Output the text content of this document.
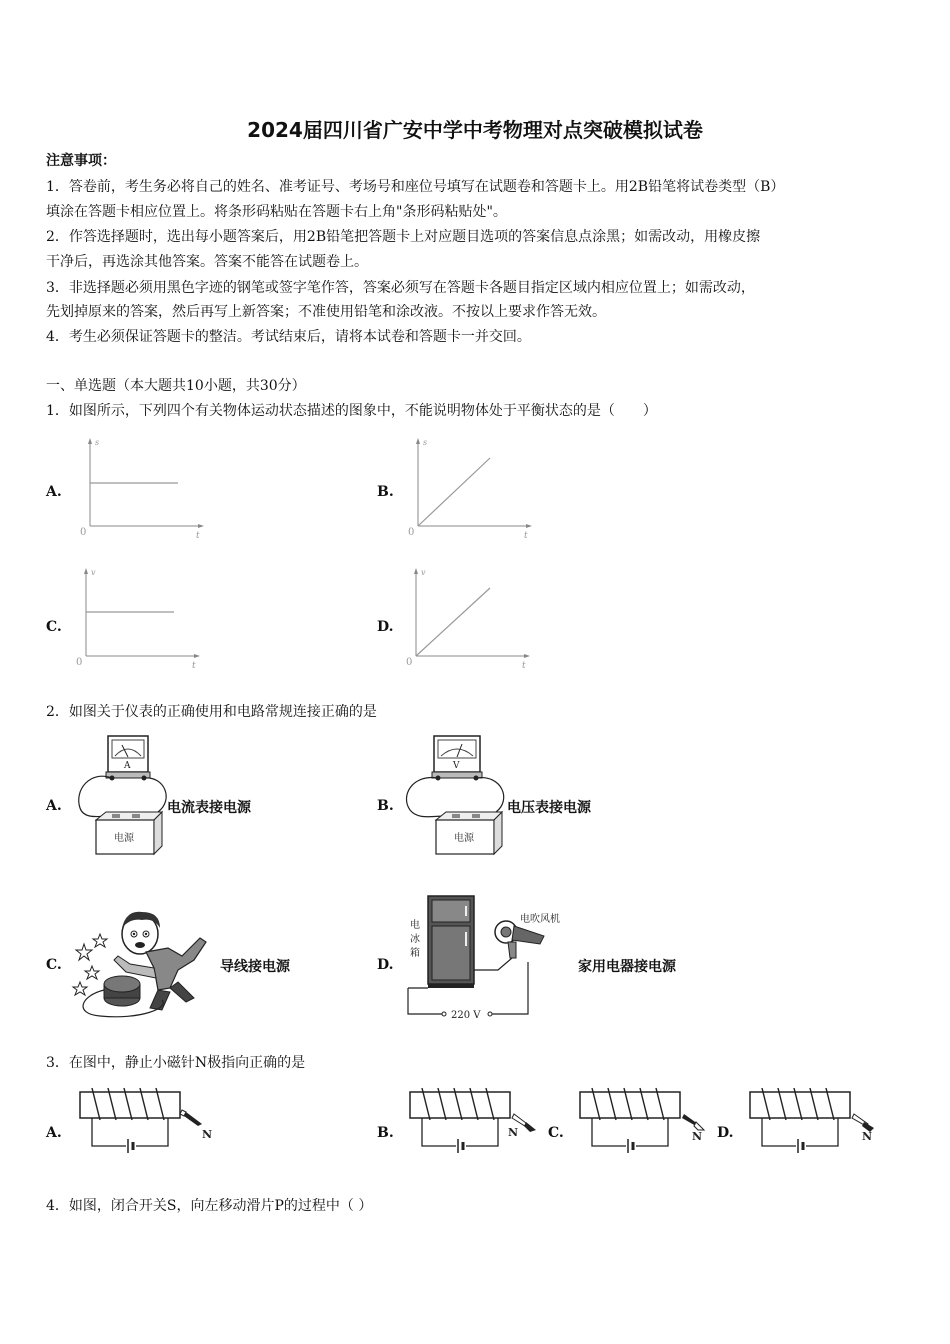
2024届四川省广安中学中考物理对点突破模拟试卷
注意事项：
1．答卷前，考生务必将自己的姓名、准考证号、考场号和座位号填写在试题卷和答题卡上。用2B铅笔将试卷类型（B）
填涂在答题卡相应位置上。将条形码粘贴在答题卡右上角"条形码粘贴处"。
2．作答选择题时，选出每小题答案后，用2B铅笔把答题卡上对应题目选项的答案信息点涂黑；如需改动，用橡皮擦
干净后，再选涂其他答案。答案不能答在试题卷上。
3．非选择题必须用黑色字迹的钢笔或签字笔作答，答案必须写在答题卡各题目指定区域内相应位置上；如需改动，
先划掉原来的答案，然后再写上新答案；不准使用铅笔和涂改液。不按以上要求作答无效。
4．考生必须保证答题卡的整洁。考试结束后，请将本试卷和答题卡一并交回。
一、单选题（本大题共10小题，共30分）
1．如图所示，下列四个有关物体运动状态描述的图象中，不能说明物体处于平衡状态的是（　　）
A.	B.
C.	D.
s
t
0
s
t
0
v
t
0
v
t
0
2．如图关于仪表的正确使用和电路常规连接正确的是
A.	B.
C.	D.
电流表接电源	电压表接电源
导线接电源	家用电器接电源
A
电源
V
电源
电
冰
箱
电吹风机
220 V
3．在图中，静止小磁针N极指向正确的是
A.	B.	C.	D.
N	N	N	N
4．如图，闭合开关S，向左移动滑片P的过程中（ ）
